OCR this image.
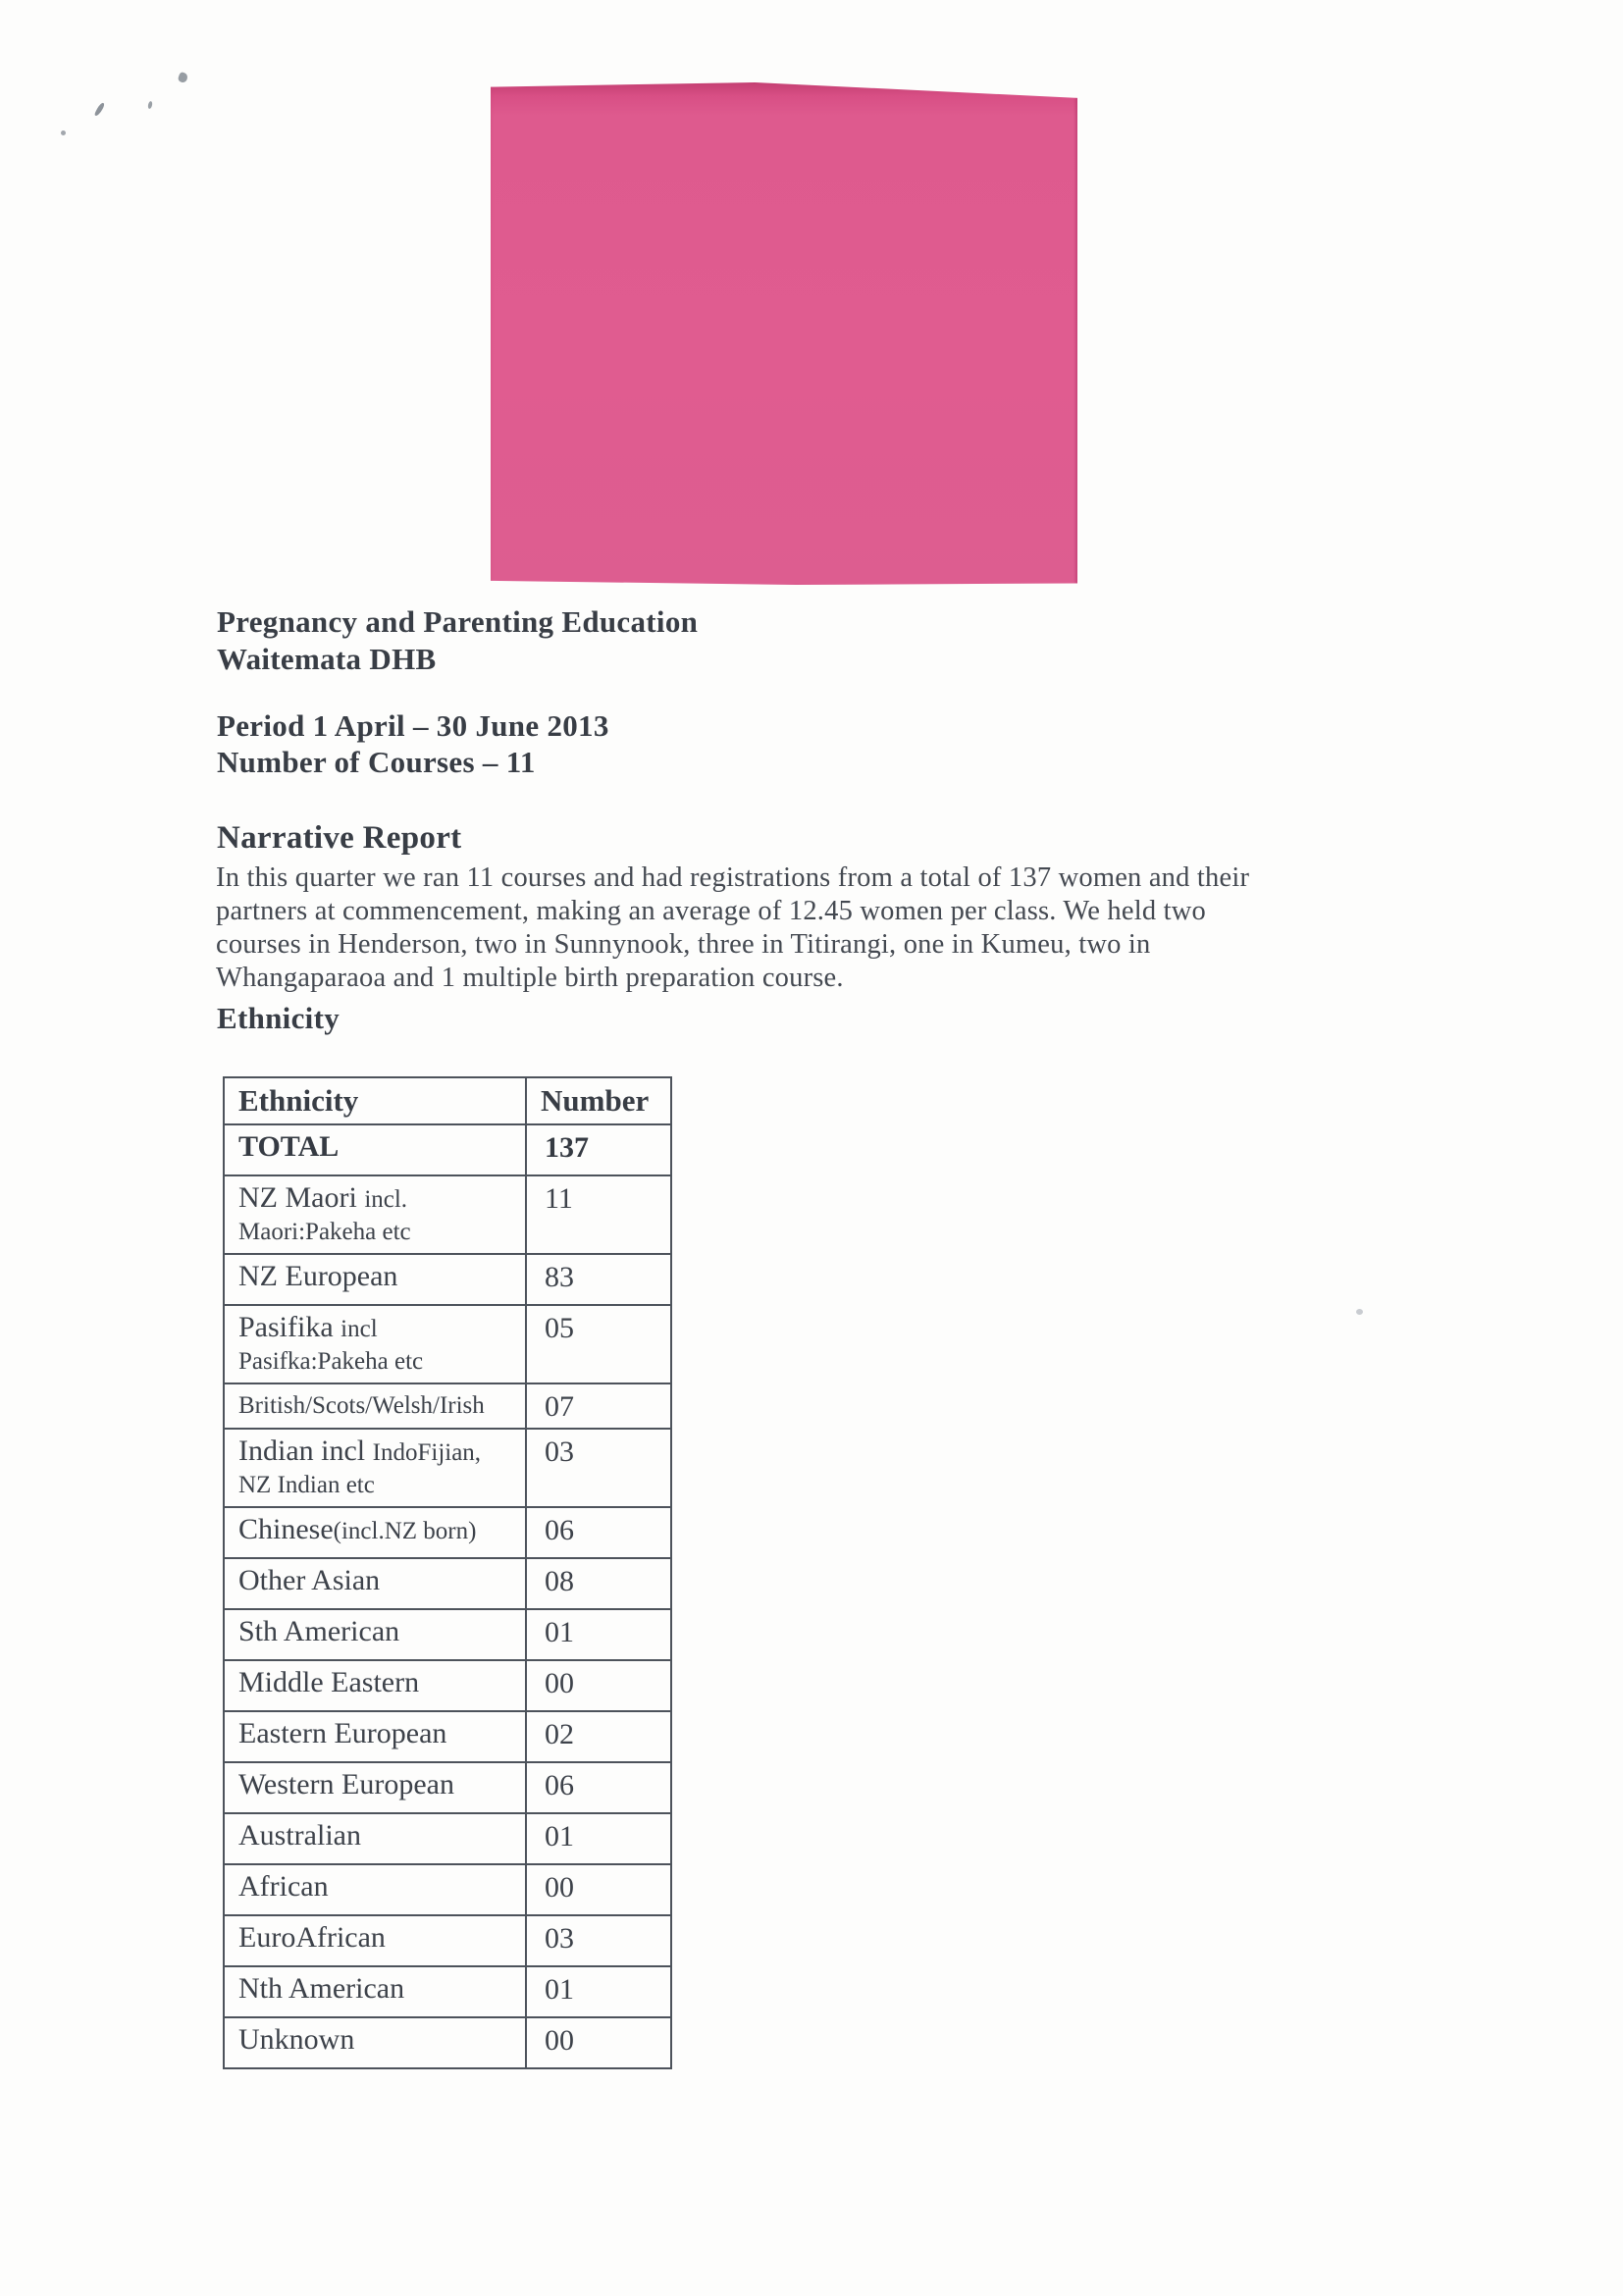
Pregnancy and Parenting Education
Waitemata DHB
Period 1 April – 30 June 2013
Number of Courses – 11
Narrative Report
In this quarter we ran 11 courses and had registrations from a total of 137 women and their
partners at commencement, making an average of 12.45 women per class. We held two
courses in Henderson, two in Sunnynook, three in Titirangi, one in Kumeu, two in
Whangaparaoa and 1 multiple birth preparation course.
Ethnicity
Ethnicity	Number
TOTAL	137
NZ Maori incl.
Maori:Pakeha etc	11
NZ European	83
Pasifika incl
Pasifka:Pakeha etc	05
British/Scots/Welsh/Irish	07
Indian incl IndoFijian,
NZ Indian etc	03
Chinese(incl.NZ born)	06
Other Asian	08
Sth American	01
Middle Eastern	00
Eastern European	02
Western European	06
Australian	01
African	00
EuroAfrican	03
Nth American	01
Unknown	00
